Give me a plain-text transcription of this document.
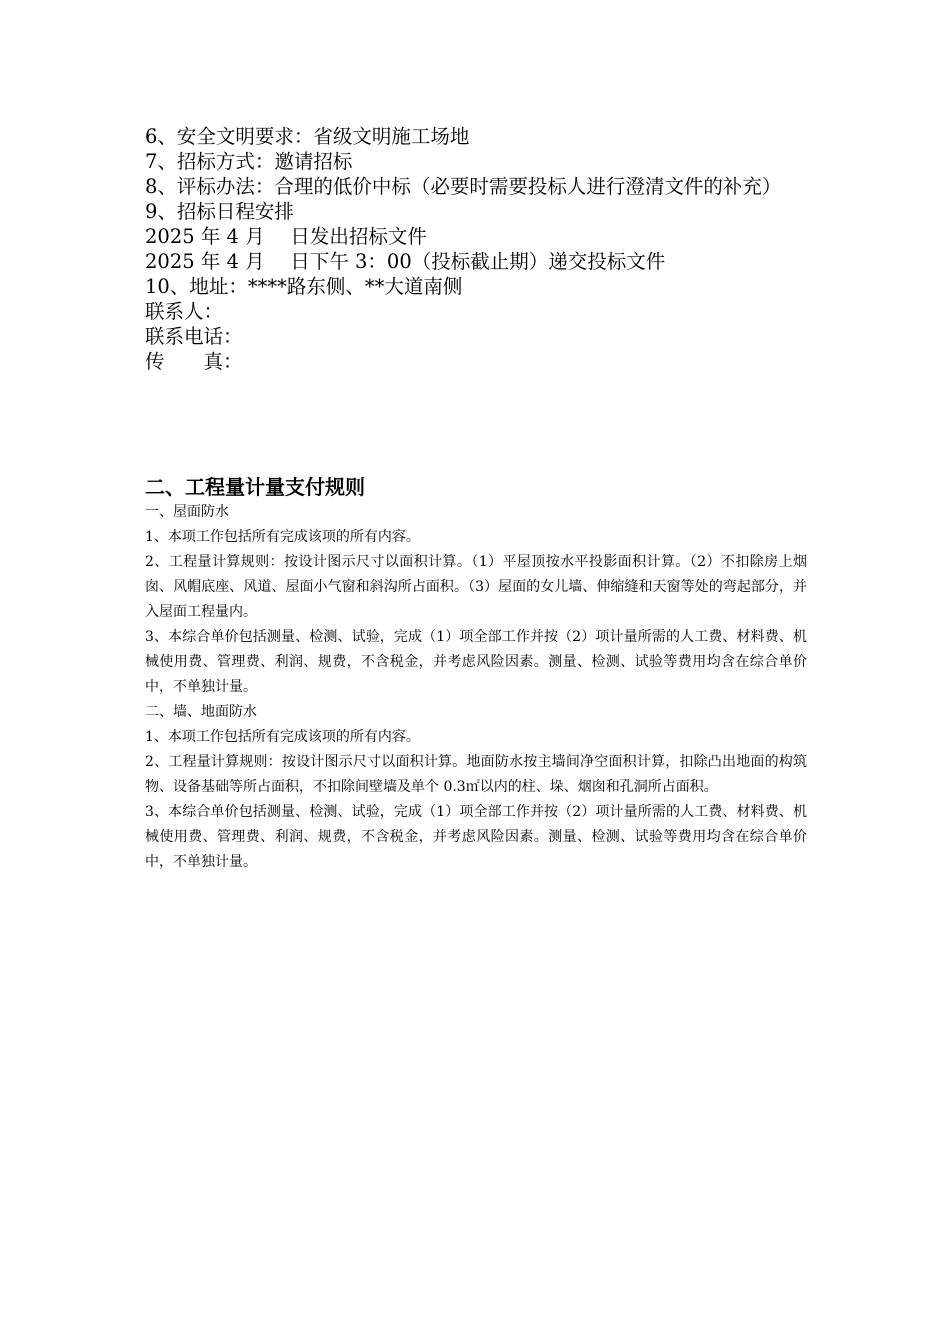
6、安全文明要求：省级文明施工场地
7、招标方式：邀请招标
8、评标办法：合理的低价中标（必要时需要投标人进行澄清文件的补充）
9、招标日程安排
2025 年 4 月　 日发出招标文件
2025 年 4 月　 日下午 3：00（投标截止期）递交投标文件
10、地址：****路东侧、**大道南侧
联系人：
联系电话：
传　　真：
二、工程量计量支付规则
一、屋面防水
1、本项工作包括所有完成该项的所有内容。
2、工程量计算规则：按设计图示尺寸以面积计算。（1）平屋顶按水平投影面积计算。（2）不扣除房上烟囱、风帽底座、风道、屋面小气窗和斜沟所占面积。（3）屋面的女儿墙、伸缩缝和天窗等处的弯起部分，并入屋面工程量内。
3、本综合单价包括测量、检测、试验，完成（1）项全部工作并按（2）项计量所需的人工费、材料费、机械使用费、管理费、利润、规费，不含税金，并考虑风险因素。测量、检测、试验等费用均含在综合单价中，不单独计量。
二、墙、地面防水
1、本项工作包括所有完成该项的所有内容。
2、工程量计算规则：按设计图示尺寸以面积计算。地面防水按主墙间净空面积计算，扣除凸出地面的构筑物、设备基础等所占面积，不扣除间壁墙及单个 0.3㎡以内的柱、垛、烟囱和孔洞所占面积。
3、本综合单价包括测量、检测、试验，完成（1）项全部工作并按（2）项计量所需的人工费、材料费、机械使用费、管理费、利润、规费，不含税金，并考虑风险因素。测量、检测、试验等费用均含在综合单价中，不单独计量。
